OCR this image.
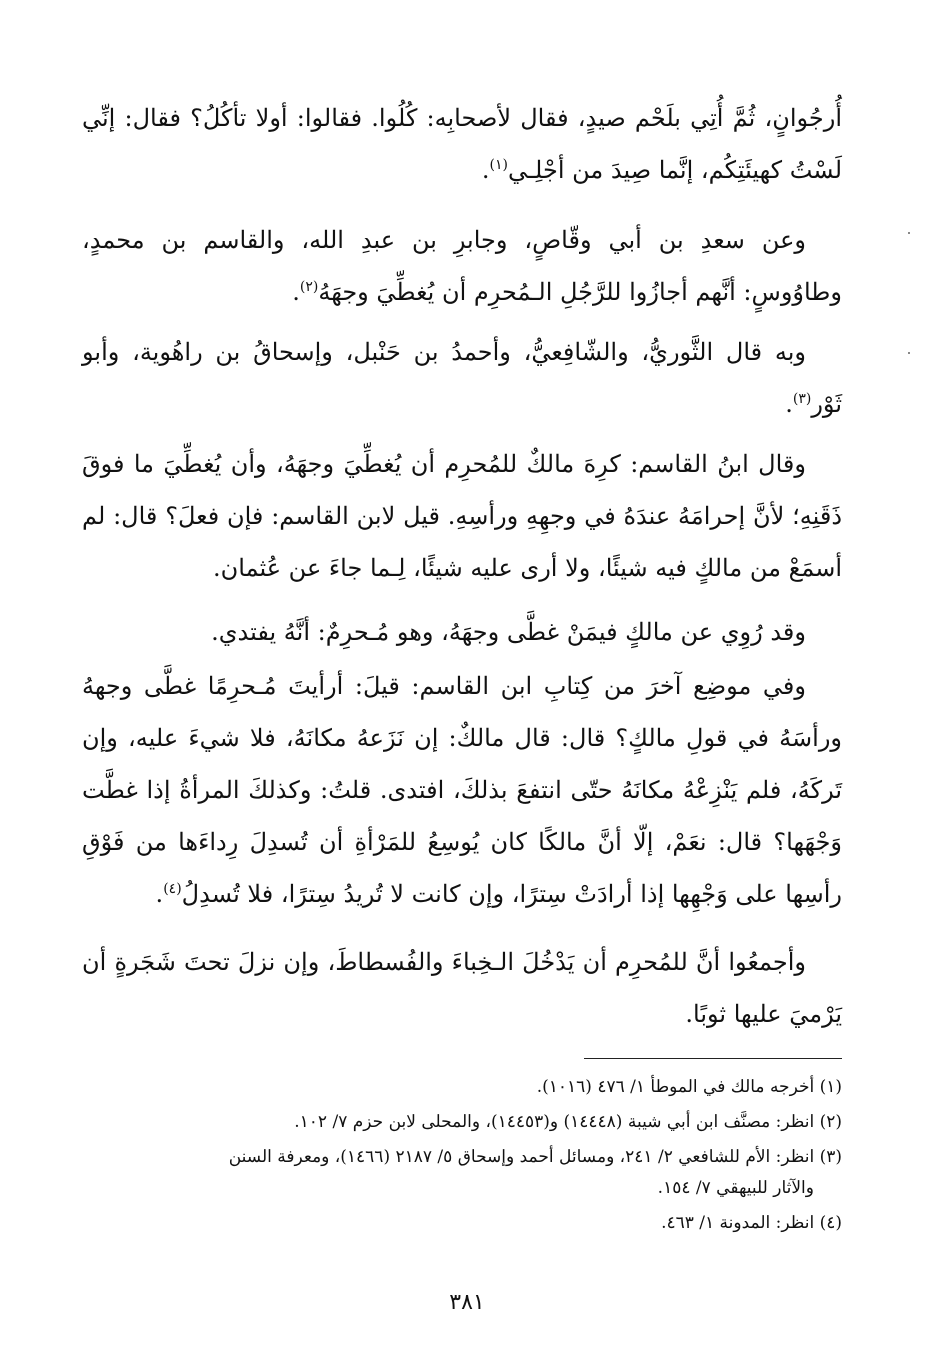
أُرجُوانٍ، ثُمَّ أُتِي بلَحْم صيدٍ، فقال لأصحابِه: كُلُوا. فقالوا: أولا تأكُلُ؟ فقال: إنِّي لَسْتُ كهيئَتِكُم، إنَّما صِيدَ من أجْلِـي$^{(١)}$.

وعن سعدِ بن أبي وقّاصٍ، وجابرِ بن عبدِ الله، والقاسم بن محمدٍ، وطاوُوسٍ: أنَّهم أجازُوا للرَّجُلِ الـمُحرِم أن يُغطِّيَ وجهَهُ$^{(٢)}$.

وبه قال الثَّوريُّ، والشّافِعيُّ، وأحمدُ بن حَنْبل، وإسحاقُ بن راهُوية، وأبو ثَوْر$^{(٣)}$.

وقال ابنُ القاسم: كرِهَ مالكٌ للمُحرِم أن يُغطِّيَ وجهَهُ، وأن يُغطِّيَ ما فوقَ ذَقَنِهِ؛ لأنَّ إحرامَهُ عندَهُ في وجهِهِ ورأسِهِ. قيل لابن القاسم: فإن فعلَ؟ قال: لم أسمَعْ من مالكٍ فيه شيئًا، ولا أرى عليه شيئًا، لِـما جاءَ عن عُثمان.

وقد رُوِي عن مالكٍ فيمَنْ غطَّى وجهَهُ، وهو مُـحرِمٌ: أنَّهُ يفتدي.

وفي موضِع آخرَ من كِتابِ ابن القاسم: قيلَ: أرأيتَ مُـحرِمًا غطَّى وجههُ ورأسَهُ في قولِ مالكٍ؟ قال: قال مالكٌ: إن نَزَعهُ مكانَهُ، فلا شيءَ عليه، وإن تَركَهُ، فلم يَنْزِعْهُ مكانَهُ حتّى انتفعَ بذلكَ، افتدى. قلتُ: وكذلكَ المرأةُ إذا غطَّت وَجْهَها؟ قال: نعَمْ، إلّا أنَّ مالكًا كان يُوسِعُ للمَرْأةِ أن تُسدِلَ رِداءَها من فَوْقِ رأسِها على وَجْهِها إذا أرادَتْ سِترًا، وإن كانت لا تُريدُ سِترًا، فلا تُسدِلُ$^{(٤)}$.

وأجمعُوا أنَّ للمُحرِم أن يَدْخُلَ الـخِباءَ والفُسطاطَ، وإن نزلَ تحتَ شَجَرةٍ أن يَرْميَ عليها ثوبًا.

(١) أخرجه مالك في الموطأ ١/ ٤٧٦ (١٠١٦).

(٢) انظر: مصنَّف ابن أبي شيبة (١٤٤٤٨) و(١٤٤٥٣)، والمحلى لابن حزم ٧/ ١٠٢.

(٣) انظر: الأم للشافعي ٢/ ٢٤١، ومسائل أحمد وإسحاق ٥/ ٢١٨٧ (١٤٦٦)، ومعرفة السنن
والآثار للبيهقي ٧/ ١٥٤.

(٤) انظر: المدونة ١/ ٤٦٣.

٣٨١
